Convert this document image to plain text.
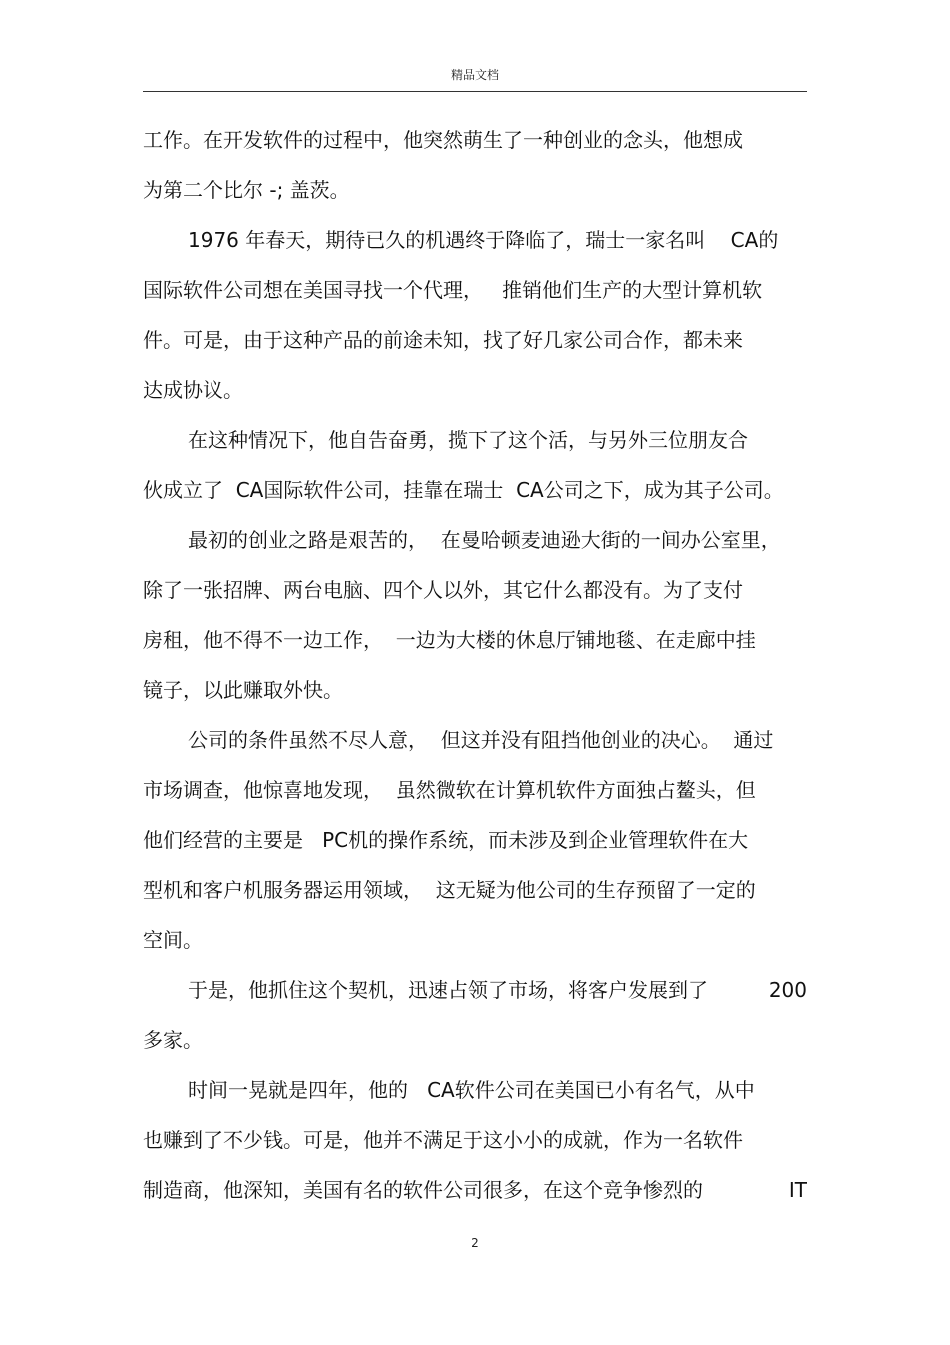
精品文档
工作。在开发软件的过程中，他突然萌生了一种创业的念头，他想成
为第二个比尔 -; 盖茨。
1976 年春天，期待已久的机遇终于降临了，瑞士一家名叫    CA的
国际软件公司想在美国寻找一个代理，   推销他们生产的大型计算机软
件。可是，由于这种产品的前途未知，找了好几家公司合作，都未来
达成协议。
在这种情况下，他自告奋勇，揽下了这个活，与另外三位朋友合
伙成立了  CA国际软件公司，挂靠在瑞士  CA公司之下，成为其子公司。
最初的创业之路是艰苦的，  在曼哈顿麦迪逊大街的一间办公室里，
除了一张招牌、两台电脑、四个人以外，其它什么都没有。为了支付
房租，他不得不一边工作，  一边为大楼的休息厅铺地毯、在走廊中挂
镜子，以此赚取外快。
公司的条件虽然不尽人意，  但这并没有阻挡他创业的决心。  通过
市场调查，他惊喜地发现，  虽然微软在计算机软件方面独占鳌头，但
他们经营的主要是   PC机的操作系统，而未涉及到企业管理软件在大
型机和客户机服务器运用领域，  这无疑为他公司的生存预留了一定的
空间。
于是，他抓住这个契机，迅速占领了市场，将客户发展到了	200
多家。
时间一晃就是四年，他的   CA软件公司在美国已小有名气，从中
也赚到了不少钱。可是，他并不满足于这小小的成就，作为一名软件
制造商，他深知，美国有名的软件公司很多，在这个竞争惨烈的	IT
2
